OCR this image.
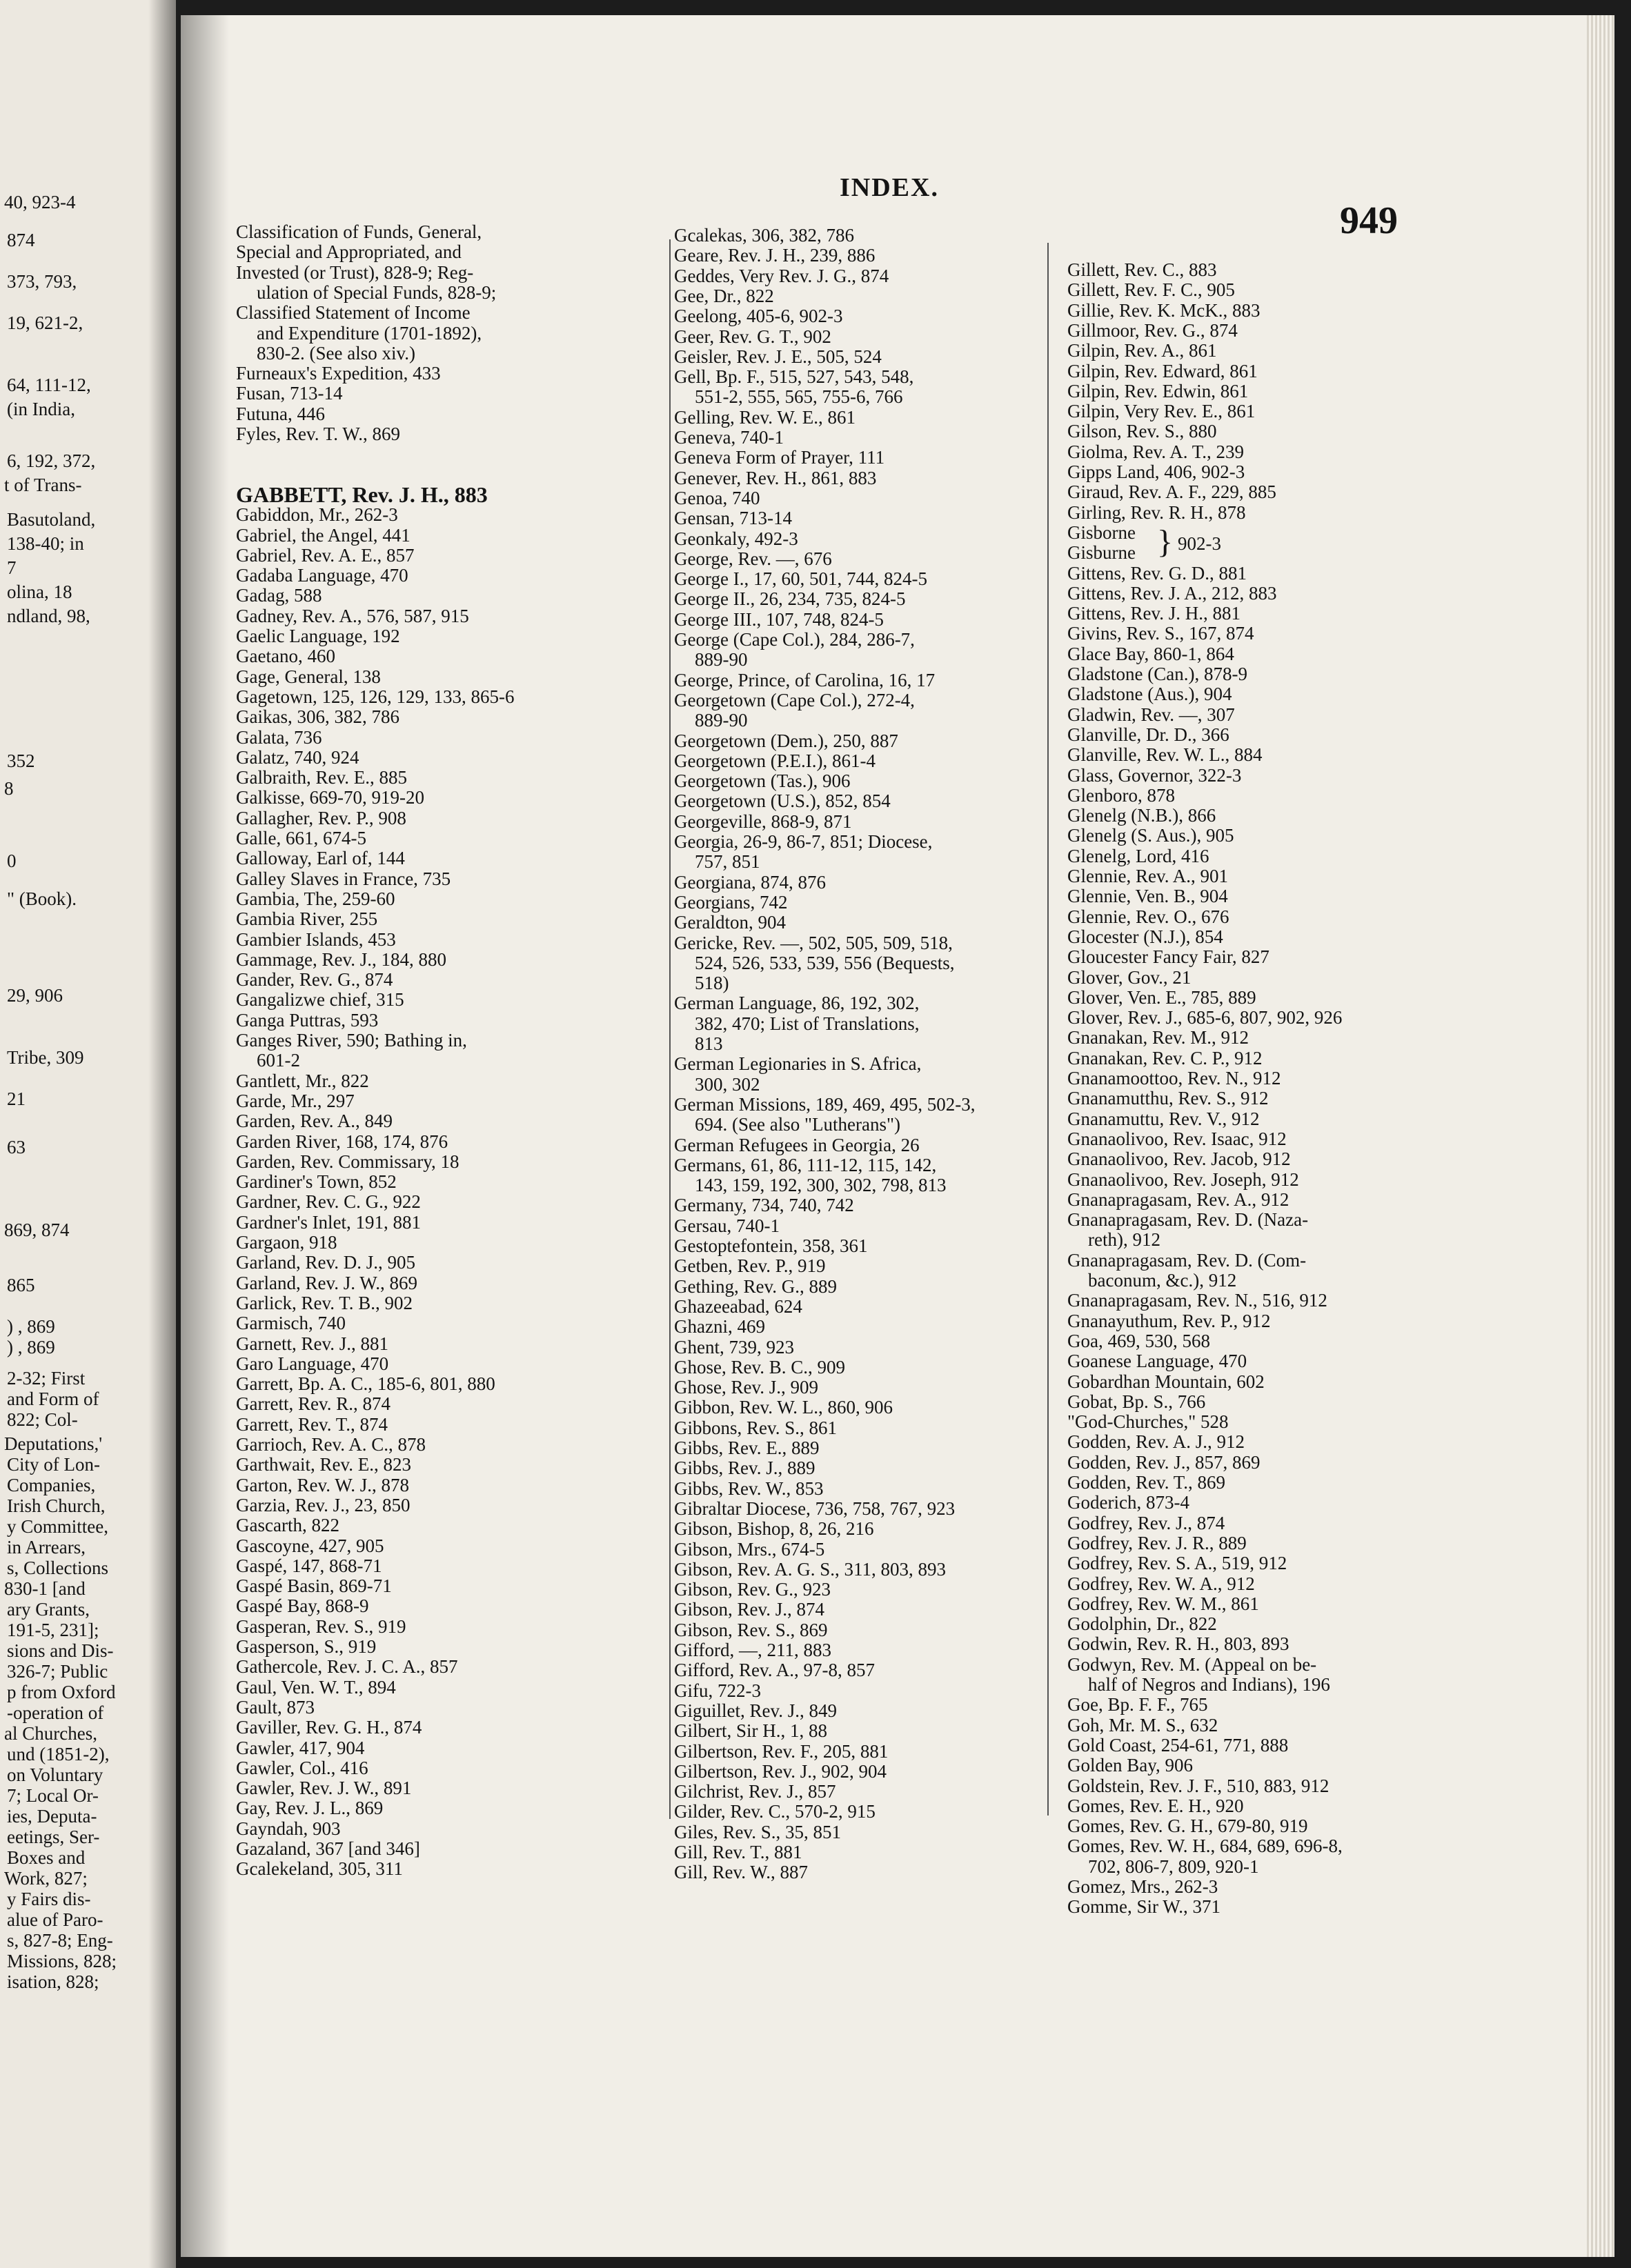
40, 923-4
874
373, 793,
19, 621-2,
64, 111-12,
(in India,
6, 192, 372,
t of Trans-
Basutoland,
138-40; in
7
olina, 18
ndland, 98,
352
8
0
" (Book).
29, 906
Tribe, 309
21
63
869, 874
865
) , 869
) , 869
2-32; First
and Form of
822; Col-
Deputations,'
City of Lon-
Companies,
Irish Church,
y Committee,
in Arrears,
s, Collections
830-1 [and
ary Grants,
191-5, 231];
sions and Dis-
326-7; Public
p from Oxford
-operation of
al Churches,
und (1851-2),
on Voluntary
7; Local Or-
ies, Deputa-
eetings, Ser-
Boxes and
Work, 827;
y Fairs dis-
alue of Paro-
s, 827-8; Eng-
Missions, 828;
isation, 828;
INDEX.
949
Classification of Funds, General,
Special and Appropriated, and
Invested (or Trust), 828-9; Reg-
ulation of Special Funds, 828-9;
Classified Statement of Income
and Expenditure (1701-1892),
830-2. (See also xiv.)
Furneaux's Expedition, 433
Fusan, 713-14
Futuna, 446
Fyles, Rev. T. W., 869
GABBETT, Rev. J. H., 883
Gabiddon, Mr., 262-3
Gabriel, the Angel, 441
Gabriel, Rev. A. E., 857
Gadaba Language, 470
Gadag, 588
Gadney, Rev. A., 576, 587, 915
Gaelic Language, 192
Gaetano, 460
Gage, General, 138
Gagetown, 125, 126, 129, 133, 865-6
Gaikas, 306, 382, 786
Galata, 736
Galatz, 740, 924
Galbraith, Rev. E., 885
Galkisse, 669-70, 919-20
Gallagher, Rev. P., 908
Galle, 661, 674-5
Galloway, Earl of, 144
Galley Slaves in France, 735
Gambia, The, 259-60
Gambia River, 255
Gambier Islands, 453
Gammage, Rev. J., 184, 880
Gander, Rev. G., 874
Gangalizwe chief, 315
Ganga Puttras, 593
Ganges River, 590; Bathing in,
601-2
Gantlett, Mr., 822
Garde, Mr., 297
Garden, Rev. A., 849
Garden River, 168, 174, 876
Garden, Rev. Commissary, 18
Gardiner's Town, 852
Gardner, Rev. C. G., 922
Gardner's Inlet, 191, 881
Gargaon, 918
Garland, Rev. D. J., 905
Garland, Rev. J. W., 869
Garlick, Rev. T. B., 902
Garmisch, 740
Garnett, Rev. J., 881
Garo Language, 470
Garrett, Bp. A. C., 185-6, 801, 880
Garrett, Rev. R., 874
Garrett, Rev. T., 874
Garrioch, Rev. A. C., 878
Garthwait, Rev. E., 823
Garton, Rev. W. J., 878
Garzia, Rev. J., 23, 850
Gascarth, 822
Gascoyne, 427, 905
Gaspé, 147, 868-71
Gaspé Basin, 869-71
Gaspé Bay, 868-9
Gasperan, Rev. S., 919
Gasperson, S., 919
Gathercole, Rev. J. C. A., 857
Gaul, Ven. W. T., 894
Gault, 873
Gaviller, Rev. G. H., 874
Gawler, 417, 904
Gawler, Col., 416
Gawler, Rev. J. W., 891
Gay, Rev. J. L., 869
Gayndah, 903
Gazaland, 367 [and 346]
Gcalekeland, 305, 311
Gcalekas, 306, 382, 786
Geare, Rev. J. H., 239, 886
Geddes, Very Rev. J. G., 874
Gee, Dr., 822
Geelong, 405-6, 902-3
Geer, Rev. G. T., 902
Geisler, Rev. J. E., 505, 524
Gell, Bp. F., 515, 527, 543, 548,
551-2, 555, 565, 755-6, 766
Gelling, Rev. W. E., 861
Geneva, 740-1
Geneva Form of Prayer, 111
Genever, Rev. H., 861, 883
Genoa, 740
Gensan, 713-14
Geonkaly, 492-3
George, Rev. —, 676
George I., 17, 60, 501, 744, 824-5
George II., 26, 234, 735, 824-5
George III., 107, 748, 824-5
George (Cape Col.), 284, 286-7,
889-90
George, Prince, of Carolina, 16, 17
Georgetown (Cape Col.), 272-4,
889-90
Georgetown (Dem.), 250, 887
Georgetown (P.E.I.), 861-4
Georgetown (Tas.), 906
Georgetown (U.S.), 852, 854
Georgeville, 868-9, 871
Georgia, 26-9, 86-7, 851; Diocese,
757, 851
Georgiana, 874, 876
Georgians, 742
Geraldton, 904
Gericke, Rev. —, 502, 505, 509, 518,
524, 526, 533, 539, 556 (Bequests,
518)
German Language, 86, 192, 302,
382, 470; List of Translations,
813
German Legionaries in S. Africa,
300, 302
German Missions, 189, 469, 495, 502-3,
694. (See also "Lutherans")
German Refugees in Georgia, 26
Germans, 61, 86, 111-12, 115, 142,
143, 159, 192, 300, 302, 798, 813
Germany, 734, 740, 742
Gersau, 740-1
Gestoptefontein, 358, 361
Getben, Rev. P., 919
Gething, Rev. G., 889
Ghazeeabad, 624
Ghazni, 469
Ghent, 739, 923
Ghose, Rev. B. C., 909
Ghose, Rev. J., 909
Gibbon, Rev. W. L., 860, 906
Gibbons, Rev. S., 861
Gibbs, Rev. E., 889
Gibbs, Rev. J., 889
Gibbs, Rev. W., 853
Gibraltar Diocese, 736, 758, 767, 923
Gibson, Bishop, 8, 26, 216
Gibson, Mrs., 674-5
Gibson, Rev. A. G. S., 311, 803, 893
Gibson, Rev. G., 923
Gibson, Rev. J., 874
Gibson, Rev. S., 869
Gifford, —, 211, 883
Gifford, Rev. A., 97-8, 857
Gifu, 722-3
Giguillet, Rev. J., 849
Gilbert, Sir H., 1, 88
Gilbertson, Rev. F., 205, 881
Gilbertson, Rev. J., 902, 904
Gilchrist, Rev. J., 857
Gilder, Rev. C., 570-2, 915
Giles, Rev. S., 35, 851
Gill, Rev. T., 881
Gill, Rev. W., 887
Gillett, Rev. C., 883
Gillett, Rev. F. C., 905
Gillie, Rev. K. McK., 883
Gillmoor, Rev. G., 874
Gilpin, Rev. A., 861
Gilpin, Rev. Edward, 861
Gilpin, Rev. Edwin, 861
Gilpin, Very Rev. E., 861
Gilson, Rev. S., 880
Giolma, Rev. A. T., 239
Gipps Land, 406, 902-3
Giraud, Rev. A. F., 229, 885
Girling, Rev. R. H., 878
Gisborne
Gisburne
Gittens, Rev. G. D., 881
Gittens, Rev. J. A., 212, 883
Gittens, Rev. J. H., 881
Givins, Rev. S., 167, 874
Glace Bay, 860-1, 864
Gladstone (Can.), 878-9
Gladstone (Aus.), 904
Gladwin, Rev. —, 307
Glanville, Dr. D., 366
Glanville, Rev. W. L., 884
Glass, Governor, 322-3
Glenboro, 878
Glenelg (N.B.), 866
Glenelg (S. Aus.), 905
Glenelg, Lord, 416
Glennie, Rev. A., 901
Glennie, Ven. B., 904
Glennie, Rev. O., 676
Glocester (N.J.), 854
Gloucester Fancy Fair, 827
Glover, Gov., 21
Glover, Ven. E., 785, 889
Glover, Rev. J., 685-6, 807, 902, 926
Gnanakan, Rev. M., 912
Gnanakan, Rev. C. P., 912
Gnanamoottoo, Rev. N., 912
Gnanamutthu, Rev. S., 912
Gnanamuttu, Rev. V., 912
Gnanaolivoo, Rev. Isaac, 912
Gnanaolivoo, Rev. Jacob, 912
Gnanaolivoo, Rev. Joseph, 912
Gnanapragasam, Rev. A., 912
Gnanapragasam, Rev. D. (Naza-
reth), 912
Gnanapragasam, Rev. D. (Com-
baconum, &c.), 912
Gnanapragasam, Rev. N., 516, 912
Gnanayuthum, Rev. P., 912
Goa, 469, 530, 568
Goanese Language, 470
Gobardhan Mountain, 602
Gobat, Bp. S., 766
"God-Churches," 528
Godden, Rev. A. J., 912
Godden, Rev. J., 857, 869
Godden, Rev. T., 869
Goderich, 873-4
Godfrey, Rev. J., 874
Godfrey, Rev. J. R., 889
Godfrey, Rev. S. A., 519, 912
Godfrey, Rev. W. A., 912
Godfrey, Rev. W. M., 861
Godolphin, Dr., 822
Godwin, Rev. R. H., 803, 893
Godwyn, Rev. M. (Appeal on be-
half of Negros and Indians), 196
Goe, Bp. F. F., 765
Goh, Mr. M. S., 632
Gold Coast, 254-61, 771, 888
Golden Bay, 906
Goldstein, Rev. J. F., 510, 883, 912
Gomes, Rev. E. H., 920
Gomes, Rev. G. H., 679-80, 919
Gomes, Rev. W. H., 684, 689, 696-8,
702, 806-7, 809, 920-1
Gomez, Mrs., 262-3
Gomme, Sir W., 371
} 902-3
